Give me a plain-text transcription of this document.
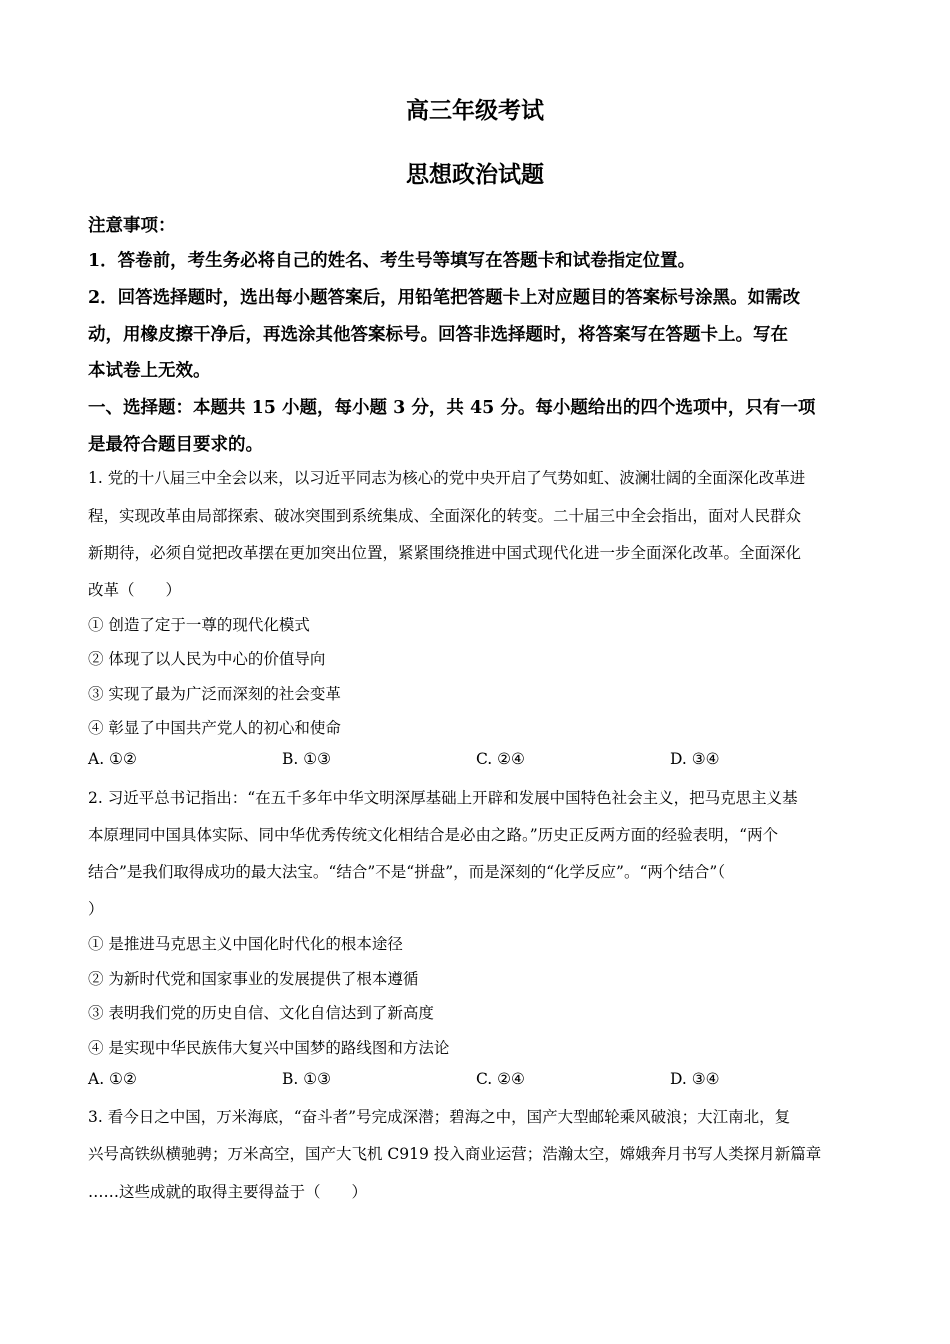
高三年级考试
思想政治试题
注意事项：
1．答卷前，考生务必将自己的姓名、考生号等填写在答题卡和试卷指定位置。
2．回答选择题时，选出每小题答案后，用铅笔把答题卡上对应题目的答案标号涂黑。如需改
动，用橡皮擦干净后，再选涂其他答案标号。回答非选择题时，将答案写在答题卡上。写在
本试卷上无效。
一、选择题：本题共 15 小题，每小题 3 分，共 45 分。每小题给出的四个选项中，只有一项
是最符合题目要求的。
1. 党的十八届三中全会以来，以习近平同志为核心的党中央开启了气势如虹、波澜壮阔的全面深化改革进
程，实现改革由局部探索、破冰突围到系统集成、全面深化的转变。二十届三中全会指出，面对人民群众
新期待，必须自觉把改革摆在更加突出位置，紧紧围绕推进中国式现代化进一步全面深化改革。全面深化
改革（　　）
① 创造了定于一尊的现代化模式
② 体现了以人民为中心的价值导向
③ 实现了最为广泛而深刻的社会变革
④ 彰显了中国共产党人的初心和使命
A. ①②	B. ①③	C. ②④	D. ③④
2. 习近平总书记指出：“在五千多年中华文明深厚基础上开辟和发展中国特色社会主义，把马克思主义基
本原理同中国具体实际、同中华优秀传统文化相结合是必由之路。”历史正反两方面的经验表明，“两个
结合”是我们取得成功的最大法宝。“结合”不是“拼盘”，而是深刻的“化学反应”。“两个结合”（
）
① 是推进马克思主义中国化时代化的根本途径
② 为新时代党和国家事业的发展提供了根本遵循
③ 表明我们党的历史自信、文化自信达到了新高度
④ 是实现中华民族伟大复兴中国梦的路线图和方法论
A. ①②	B. ①③	C. ②④	D. ③④
3. 看今日之中国，万米海底，“奋斗者”号完成深潜；碧海之中，国产大型邮轮乘风破浪；大江南北，复
兴号高铁纵横驰骋；万米高空，国产大飞机 C919 投入商业运营；浩瀚太空，嫦娥奔月书写人类探月新篇章
……这些成就的取得主要得益于（　　）
